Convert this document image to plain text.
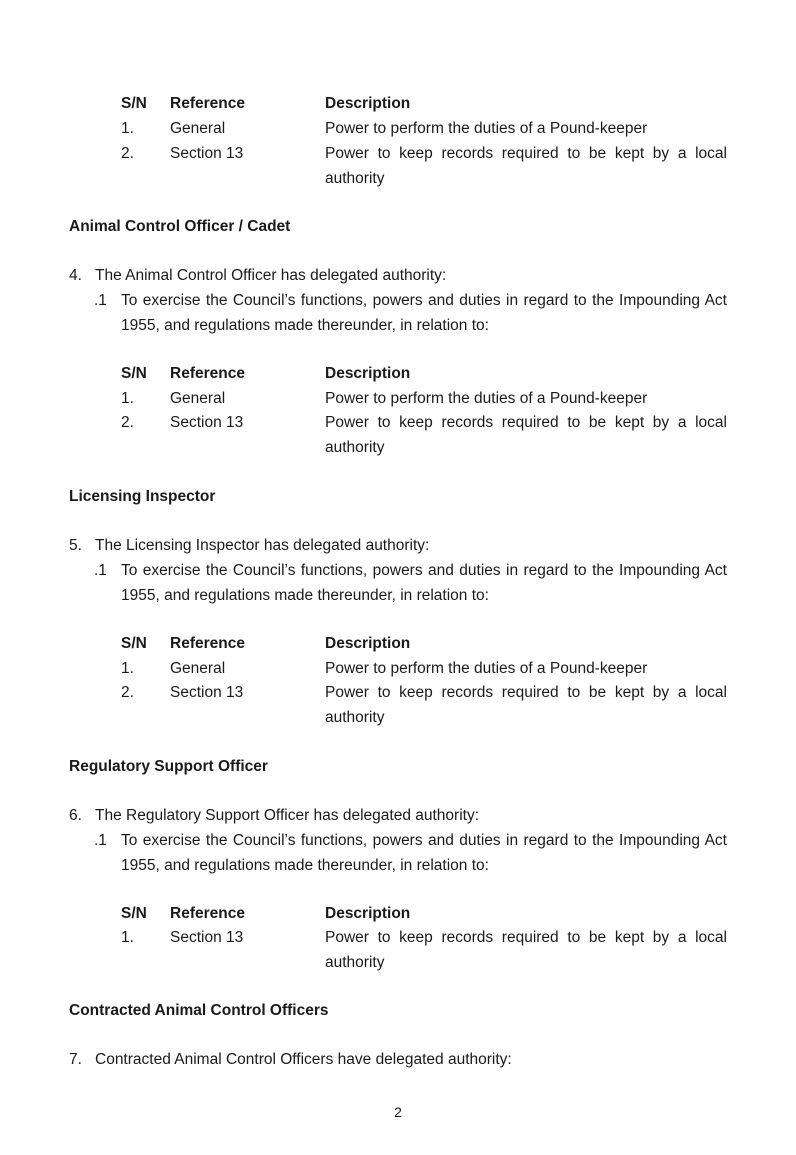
S/N Reference	Description
1. General	Power to perform the duties of a Pound-keeper
2. Section 13	Power to keep records required to be kept by a local authority
Animal Control Officer / Cadet
4. The Animal Control Officer has delegated authority:
.1 To exercise the Council’s functions, powers and duties in regard to the Impounding Act 1955, and regulations made thereunder, in relation to:
S/N Reference	Description
1. General	Power to perform the duties of a Pound-keeper
2. Section 13	Power to keep records required to be kept by a local authority
Licensing Inspector
5. The Licensing Inspector has delegated authority:
.1 To exercise the Council’s functions, powers and duties in regard to the Impounding Act 1955, and regulations made thereunder, in relation to:
S/N Reference	Description
1. General	Power to perform the duties of a Pound-keeper
2. Section 13	Power to keep records required to be kept by a local authority
Regulatory Support Officer
6. The Regulatory Support Officer has delegated authority:
.1 To exercise the Council’s functions, powers and duties in regard to the Impounding Act 1955, and regulations made thereunder, in relation to:
S/N Reference	Description
1. Section 13	Power to keep records required to be kept by a local authority
Contracted Animal Control Officers
7. Contracted Animal Control Officers have delegated authority:
2
